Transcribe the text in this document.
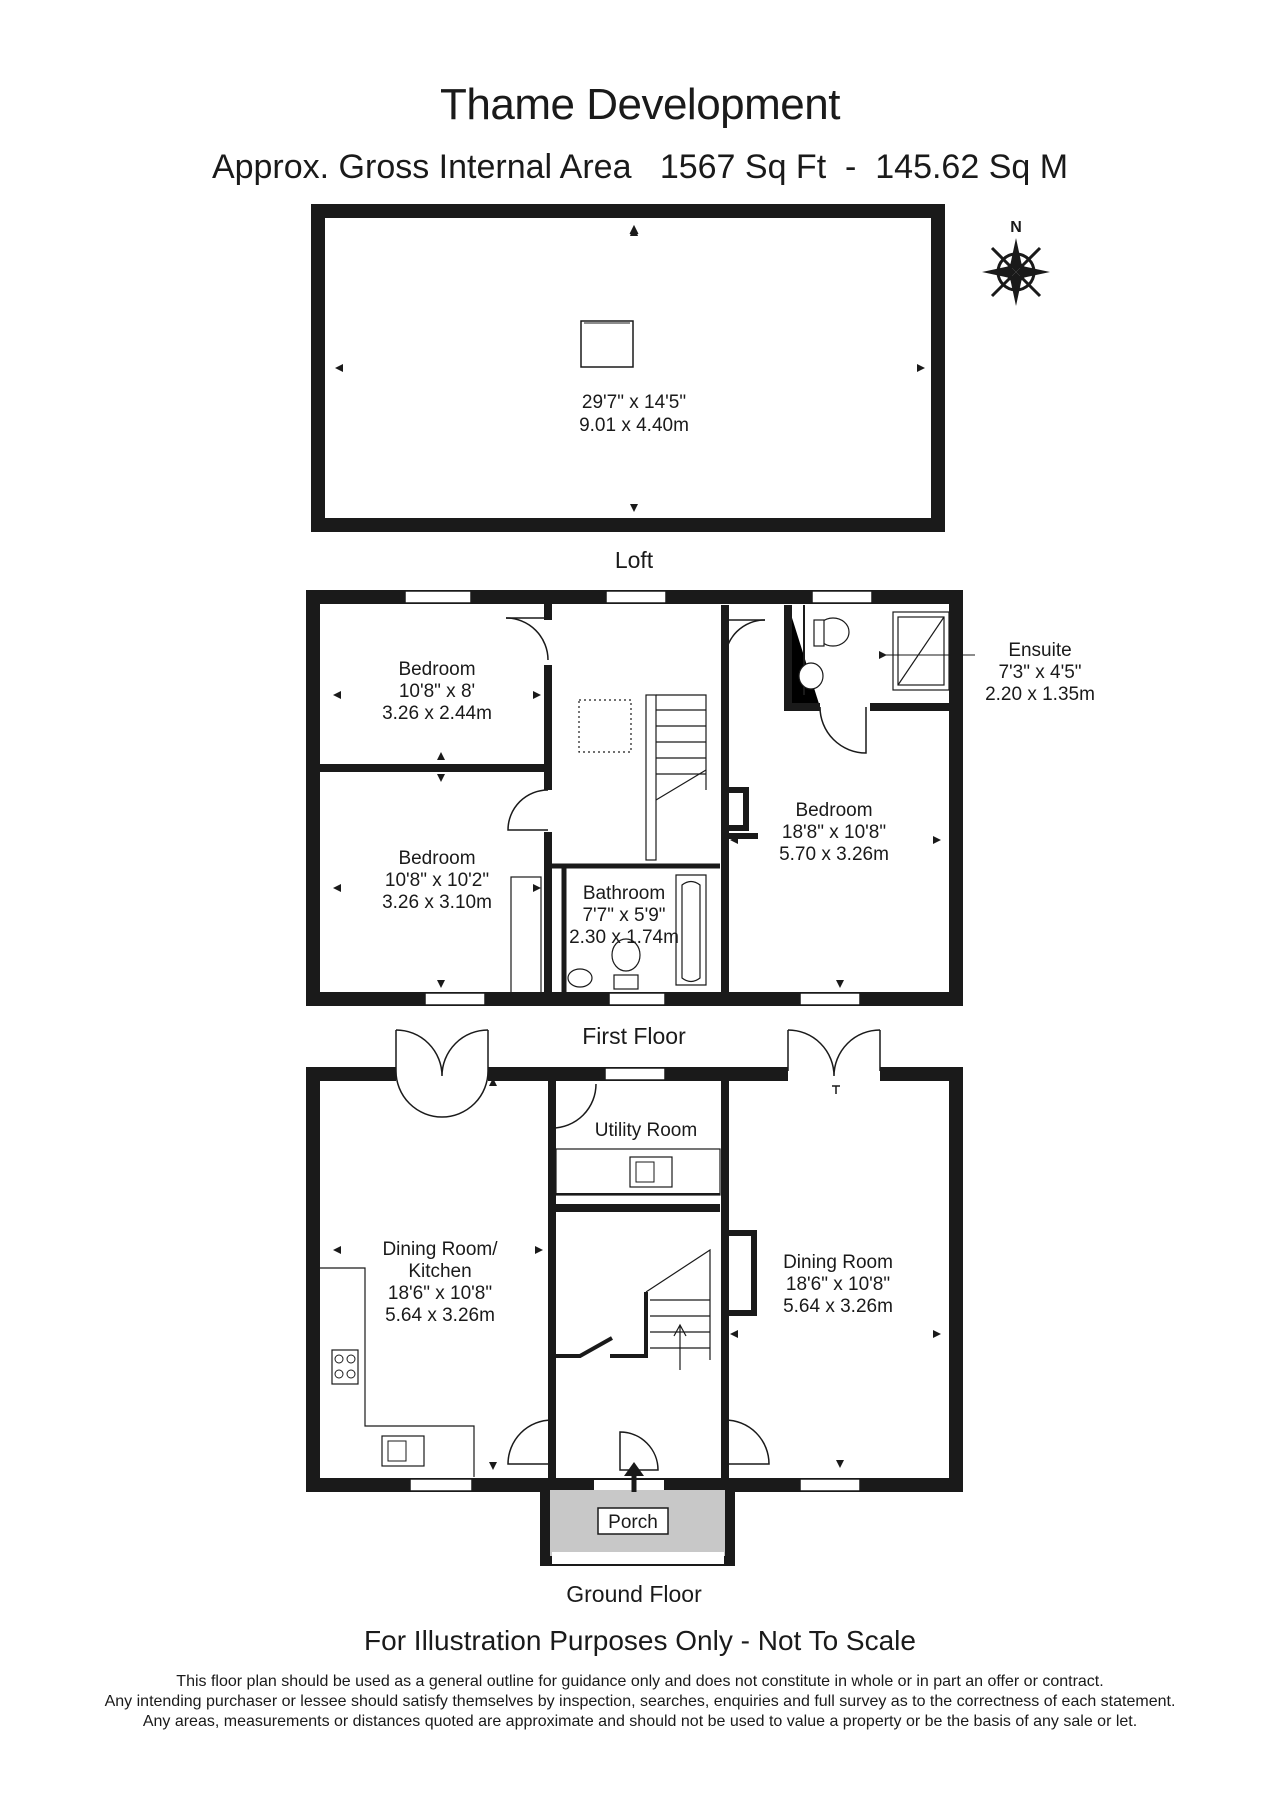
Thame Development
Approx. Gross Internal Area   1567 Sq Ft  -  145.62 Sq M
N
29'7" x 14'5"
9.01 x 4.40m
Loft
Bedroom
10'8" x 8'
3.26 x 2.44m
Bedroom
10'8" x 10'2"
3.26 x 3.10m	Bathroom
7'7" x 5'9"
2.30 x 1.74m
Bedroom
18'8" x 10'8"
5.70 x 3.26m
Ensuite
7'3" x 4'5"
2.20 x 1.35m
First Floor
Dining Room/
Kitchen
18'6" x 10'8"
5.64 x 3.26m
Utility Room
Dining Room
18'6" x 10'8"
5.64 x 3.26m
Porch
Ground Floor
For Illustration Purposes Only - Not To Scale
This floor plan should be used as a general outline for guidance only and does not constitute in whole or in part an offer or contract.
Any intending purchaser or lessee should satisfy themselves by inspection, searches, enquiries and full survey as to the correctness of each statement.
Any areas, measurements or distances quoted are approximate and should not be used to value a property or be the basis of any sale or let.
